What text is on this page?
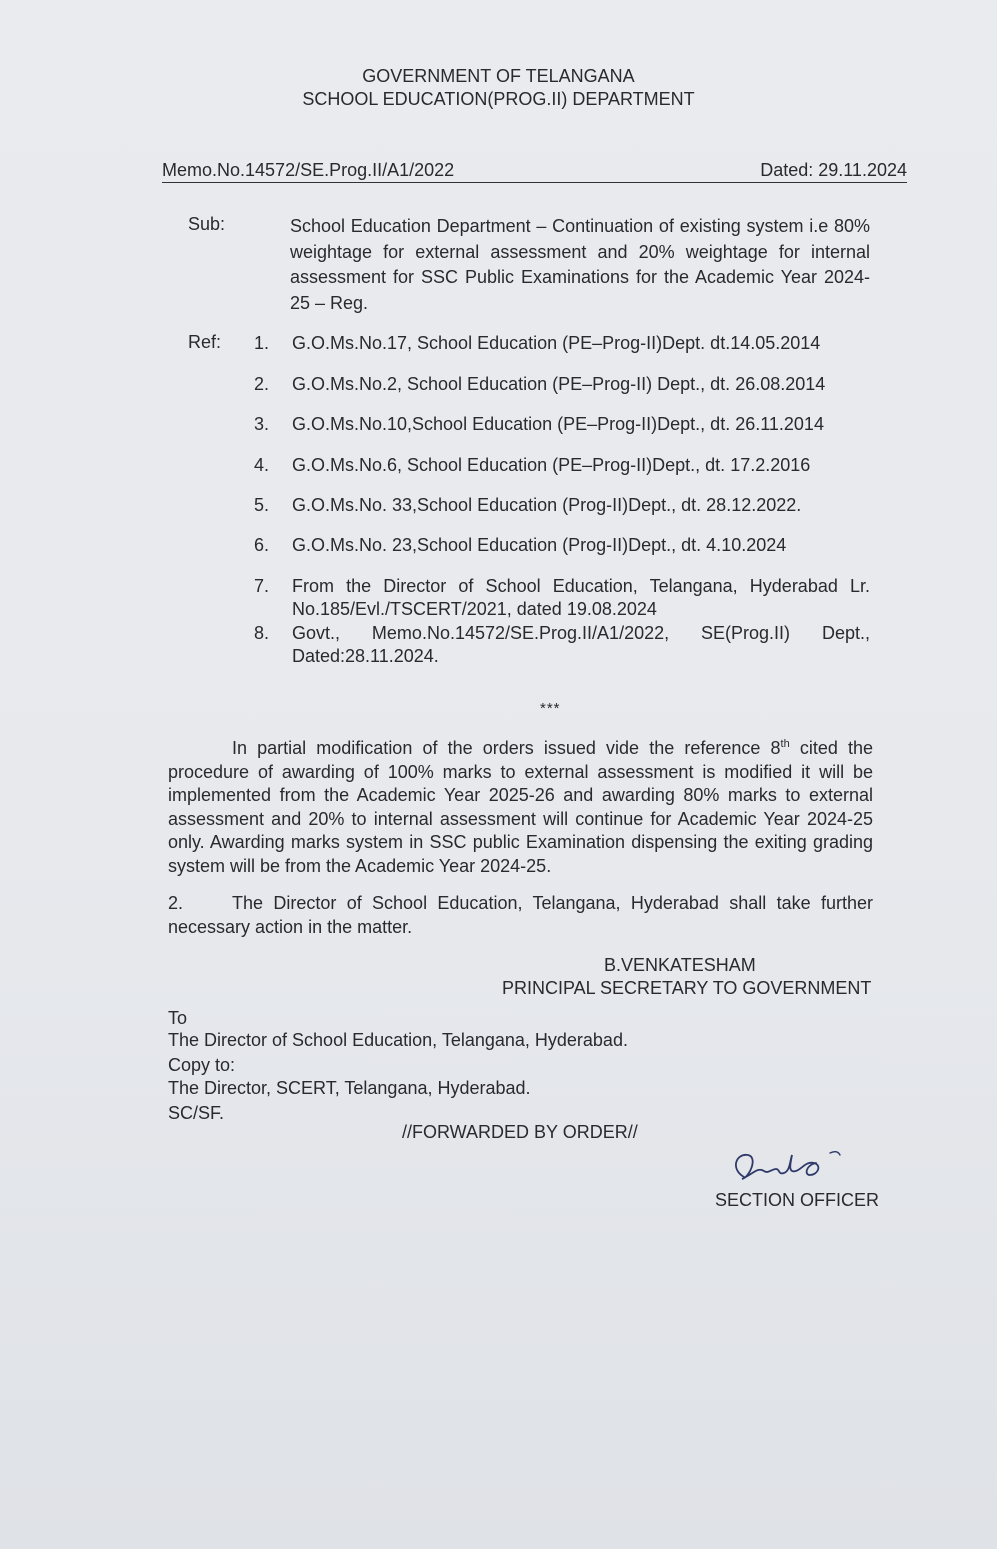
GOVERNMENT OF TELANGANA
SCHOOL EDUCATION(PROG.II) DEPARTMENT
Memo.No.14572/SE.Prog.II/A1/2022	Dated: 29.11.2024
Sub:	School Education Department – Continuation of existing system i.e 80% weightage for external assessment and 20% weightage for internal assessment for SSC Public Examinations for the Academic Year 2024-25 – Reg.
Ref: 1.	G.O.Ms.No.17, School Education (PE–Prog-II)Dept. dt.14.05.2014
2.	G.O.Ms.No.2, School Education (PE–Prog-II) Dept., dt. 26.08.2014
3.	G.O.Ms.No.10,School Education (PE–Prog-II)Dept., dt. 26.11.2014
4.	G.O.Ms.No.6, School Education (PE–Prog-II)Dept., dt. 17.2.2016
5.	G.O.Ms.No. 33,School Education (Prog-II)Dept., dt. 28.12.2022.
6.	G.O.Ms.No. 23,School Education (Prog-II)Dept., dt. 4.10.2024
7.	From the Director of School Education, Telangana, Hyderabad Lr. No.185/Evl./TSCERT/2021, dated 19.08.2024
8.	Govt., Memo.No.14572/SE.Prog.II/A1/2022, SE(Prog.II) Dept., Dated:28.11.2024.
***
In partial modification of the orders issued vide the reference 8th cited the procedure of awarding of 100% marks to external assessment is modified it will be implemented from the Academic Year 2025-26 and awarding 80% marks to external assessment and 20% to internal assessment will continue for Academic Year 2024-25 only. Awarding marks system in SSC public Examination dispensing the exiting grading system will be from the Academic Year 2024-25.
2.	The Director of School Education, Telangana, Hyderabad shall take further necessary action in the matter.
B.VENKATESHAM
PRINCIPAL SECRETARY TO GOVERNMENT
To
The Director of School Education, Telangana, Hyderabad.
Copy to:
The Director, SCERT, Telangana, Hyderabad.
SC/SF.
//FORWARDED BY ORDER//
SECTION OFFICER
